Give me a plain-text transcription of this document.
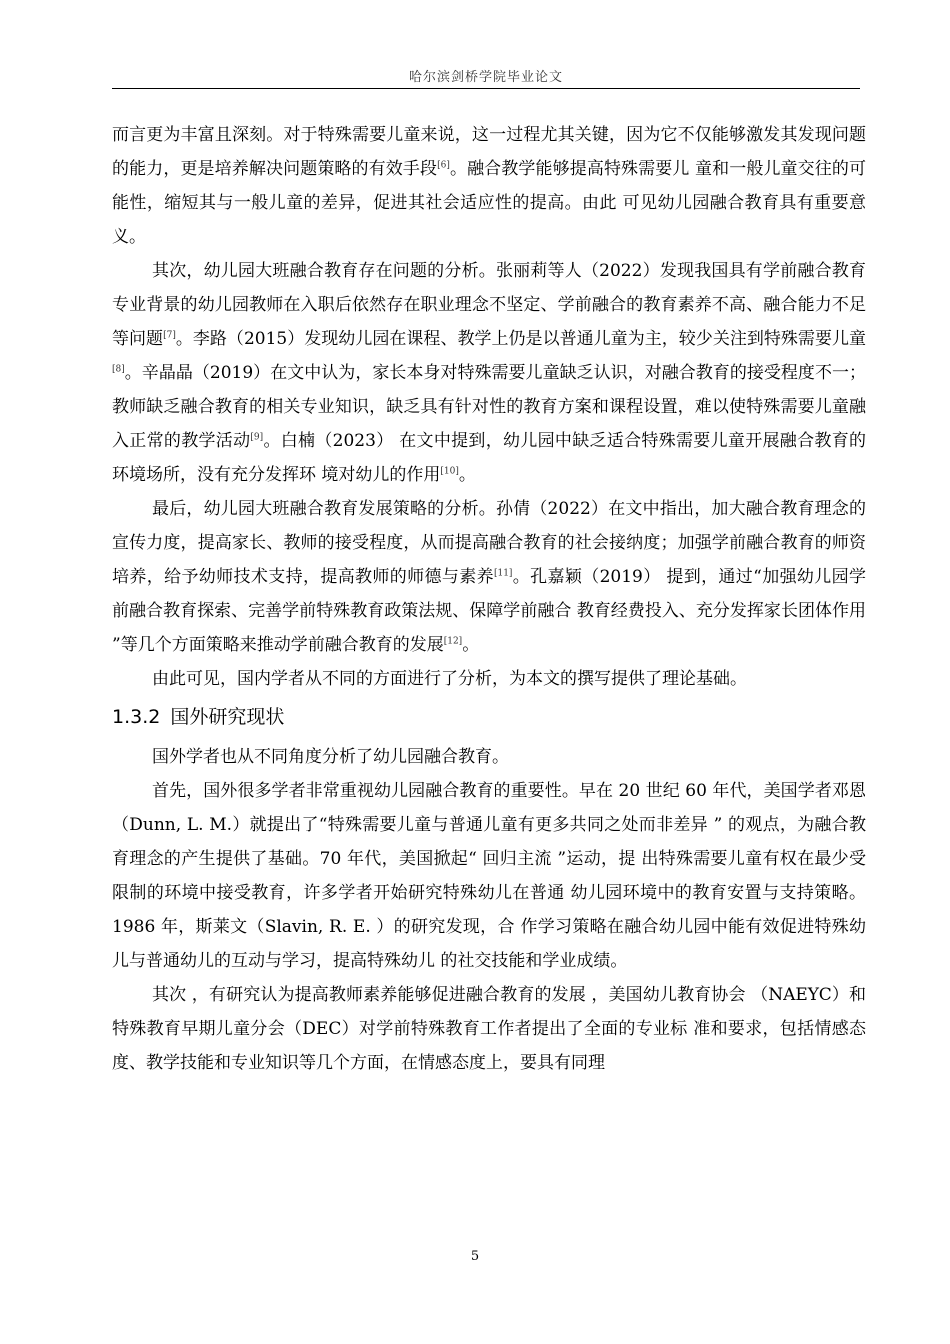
哈尔滨剑桥学院毕业论文

而言更为丰富且深刻。对于特殊需要儿童来说，这一过程尤其关键，因为它不仅能够激发其发现问题的能力，更是培养解决问题策略的有效手段[6]。融合教学能够提高特殊需要儿 童和一般儿童交往的可能性，缩短其与一般儿童的差异，促进其社会适应性的提高。由此 可见幼儿园融合教育具有重要意义。

其次，幼儿园大班融合教育存在问题的分析。张丽莉等人（2022）发现我国具有学前融合教育专业背景的幼儿园教师在入职后依然存在职业理念不坚定、学前融合的教育素养不高、融合能力不足等问题[7]。李路（2015）发现幼儿园在课程、教学上仍是以普通儿童为主，较少关注到特殊需要儿童[8]。辛晶晶（2019）在文中认为，家长本身对特殊需要儿童缺乏认识，对融合教育的接受程度不一；教师缺乏融合教育的相关专业知识，缺乏具有针对性的教育方案和课程设置，难以使特殊需要儿童融入正常的教学活动[9]。白楠（2023） 在文中提到，幼儿园中缺乏适合特殊需要儿童开展融合教育的环境场所，没有充分发挥环 境对幼儿的作用[10]。

最后，幼儿园大班融合教育发展策略的分析。孙倩（2022）在文中指出，加大融合教育理念的宣传力度，提高家长、教师的接受程度，从而提高融合教育的社会接纳度；加强学前融合教育的师资培养，给予幼师技术支持，提高教师的师德与素养[11]。孔嘉颖（2019） 提到，通过“加强幼儿园学前融合教育探索、完善学前特殊教育政策法规、保障学前融合 教育经费投入、充分发挥家长团体作用 ”等几个方面策略来推动学前融合教育的发展[12]。

由此可见，国内学者从不同的方面进行了分析，为本文的撰写提供了理论基础。

1.3.2 国外研究现状

国外学者也从不同角度分析了幼儿园融合教育。

首先，国外很多学者非常重视幼儿园融合教育的重要性。早在 20 世纪 60 年代，美国学者邓恩（Dunn, L. M.）就提出了“特殊需要儿童与普通儿童有更多共同之处而非差异 ” 的观点，为融合教育理念的产生提供了基础。70 年代，美国掀起“ 回归主流 ”运动，提 出特殊需要儿童有权在最少受限制的环境中接受教育，许多学者开始研究特殊幼儿在普通 幼儿园环境中的教育安置与支持策略。1986 年，斯莱文（Slavin, R. E. ）的研究发现，合 作学习策略在融合幼儿园中能有效促进特殊幼儿与普通幼儿的互动与学习，提高特殊幼儿 的社交技能和学业成绩。

其次 ，有研究认为提高教师素养能够促进融合教育的发展 ，美国幼儿教育协会 （NAEYC）和特殊教育早期儿童分会（DEC）对学前特殊教育工作者提出了全面的专业标 准和要求，包括情感态度、教学技能和专业知识等几个方面，在情感态度上，要具有同理

5
